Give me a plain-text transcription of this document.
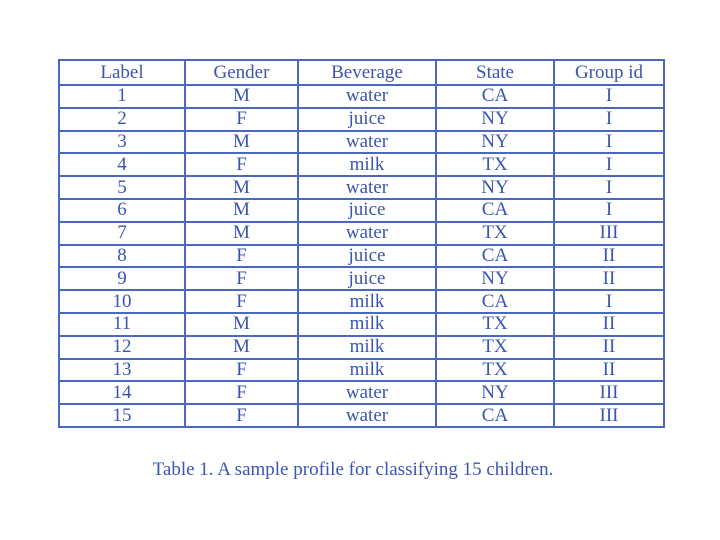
Label	Gender	Beverage	State	Group id
1	M	water	CA	I
2	F	juice	NY	I
3	M	water	NY	I
4	F	milk	TX	I
5	M	water	NY	I
6	M	juice	CA	I
7	M	water	TX	III
8	F	juice	CA	II
9	F	juice	NY	II
10	F	milk	CA	I
11	M	milk	TX	II
12	M	milk	TX	II
13	F	milk	TX	II
14	F	water	NY	III
15	F	water	CA	III
Table 1. A sample profile for classifying 15 children.
